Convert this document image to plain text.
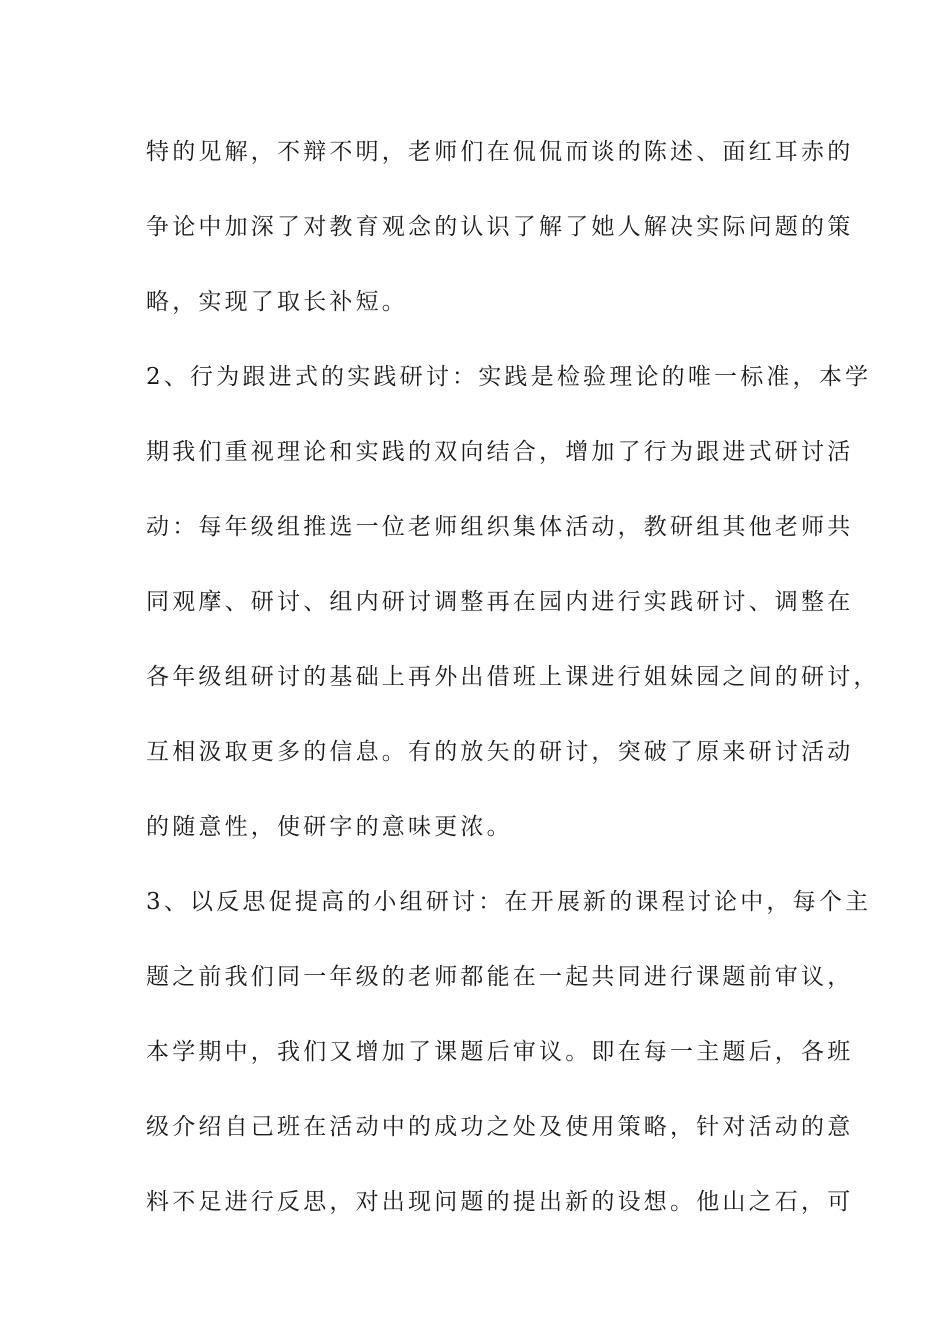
特的见解，不辩不明，老师们在侃侃而谈的陈述、面红耳赤的
争论中加深了对教育观念的认识了解了她人解决实际问题的策
略，实现了取长补短。
2、行为跟进式的实践研讨：实践是检验理论的唯一标准，本学
期我们重视理论和实践的双向结合，增加了行为跟进式研讨活
动：每年级组推选一位老师组织集体活动，教研组其他老师共
同观摩、研讨、组内研讨调整再在园内进行实践研讨、调整在
各年级组研讨的基础上再外出借班上课进行姐妹园之间的研讨，
互相汲取更多的信息。有的放矢的研讨，突破了原来研讨活动
的随意性，使研字的意味更浓。
3、以反思促提高的小组研讨：在开展新的课程讨论中，每个主
题之前我们同一年级的老师都能在一起共同进行课题前审议，
本学期中，我们又增加了课题后审议。即在每一主题后，各班
级介绍自己班在活动中的成功之处及使用策略，针对活动的意
料不足进行反思，对出现问题的提出新的设想。他山之石，可
